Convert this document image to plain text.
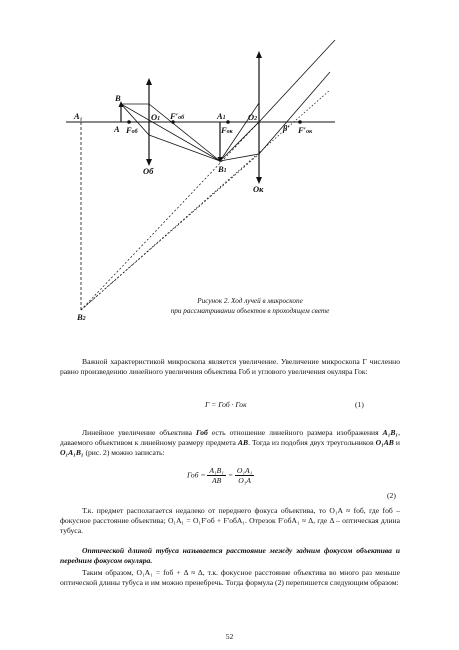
A₁
A
B
Fоб
O1 F′об	A1
Fок
O2
β′ F′ок
Об	B1
Ок
B2
Рисунок 2. Ход лучей в микроскопе
при рассматривании объектов в проходящем свете
Важной характеристикой микроскопа является увеличение. Увеличение микроскопа Г численно равно произведению линейного увеличения объектива Гоб и углового увеличения окуляра Гок:
Г = Гоб · Гок	(1)
Линейное увеличение объектива Гоб есть отношение линейного размера изображения A₁B₁, даваемого объективом к линейному размеру предмета AB. Тогда из подобия двух треугольников O₁AB и O₁A₁B₁ (рис. 2) можно записать:
Гоб = $\frac{\text{A₁B₁}}{AB} = \frac{\text{O₁A₁}}{\text{O₁A}}$
(2)
Т.к. предмет располагается недалеко от переднего фокуса объектива, то O₁A ≈ fоб, где fоб – фокусное расстояние объектива; O₁A₁ = O₁F′об + F′обA₁. Отрезок F′обA₁ ≈ Δ, где Δ – оптическая длина тубуса.
Оптической длиной тубуса называется расстояние между задним фокусом объектива и передним фокусом окуляра.
Таким образом, O₁A₁ = fоб + Δ ≈ Δ, т.к. фокусное расстояние объектива во много раз меньше оптической длины тубуса и им можно пренебречь. Тогда формула (2) перепишется следующим образом:
52
